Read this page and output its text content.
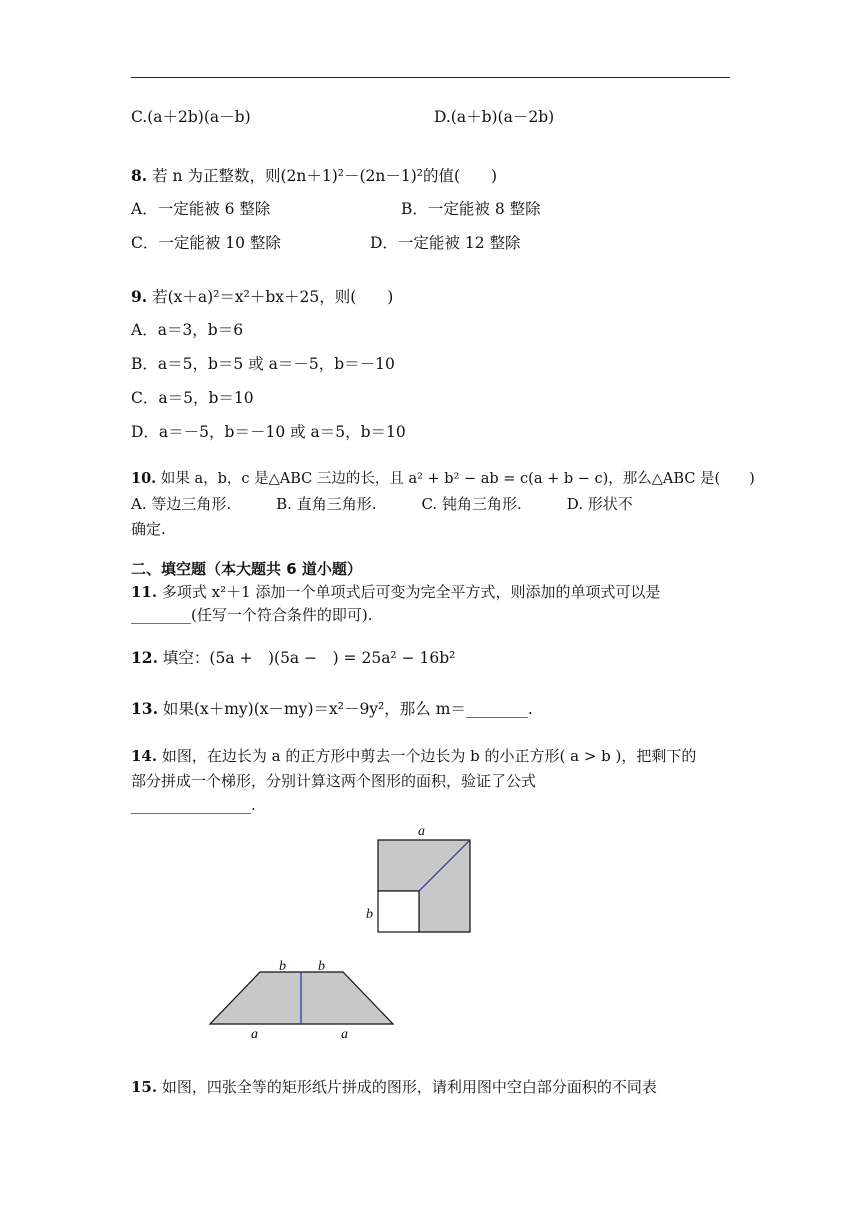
C.(a＋2b)(a－b)	D.(a＋b)(a－2b)
8. 若 n 为正整数，则(2n＋1)²－(2n－1)²的值(　　)
A．一定能被 6 整除	B．一定能被 8 整除
C．一定能被 10 整除	D．一定能被 12 整除
9. 若(x＋a)²＝x²＋bx＋25，则(　　)
A．a＝3，b＝6
B．a＝5，b＝5 或 a＝－5，b＝－10
C．a＝5，b＝10
D．a＝－5，b＝－10 或 a＝5，b＝10
10. 如果 a，b，c 是△ABC 三边的长，且 a² + b² − ab = c(a + b − c)，那么△ABC 是(　　)
A. 等边三角形.　　　B. 直角三角形.　　　C. 钝角三角形.　　　D. 形状不
确定.
二、填空题（本大题共 6 道小题）
11. 多项式 x²＋1 添加一个单项式后可变为完全平方式，则添加的单项式可以是
________(任写一个符合条件的即可).
12. 填空：(5a +　)(5a −　) = 25a² − 16b²
13. 如果(x＋my)(x－my)＝x²－9y²，那么 m＝________.
14. 如图，在边长为 a 的正方形中剪去一个边长为 b 的小正方形( a > b )，把剩下的
部分拼成一个梯形，分别计算这两个图形的面积，验证了公式
________________.
a
b
b b
a	a
15. 如图，四张全等的矩形纸片拼成的图形，请利用图中空白部分面积的不同表
